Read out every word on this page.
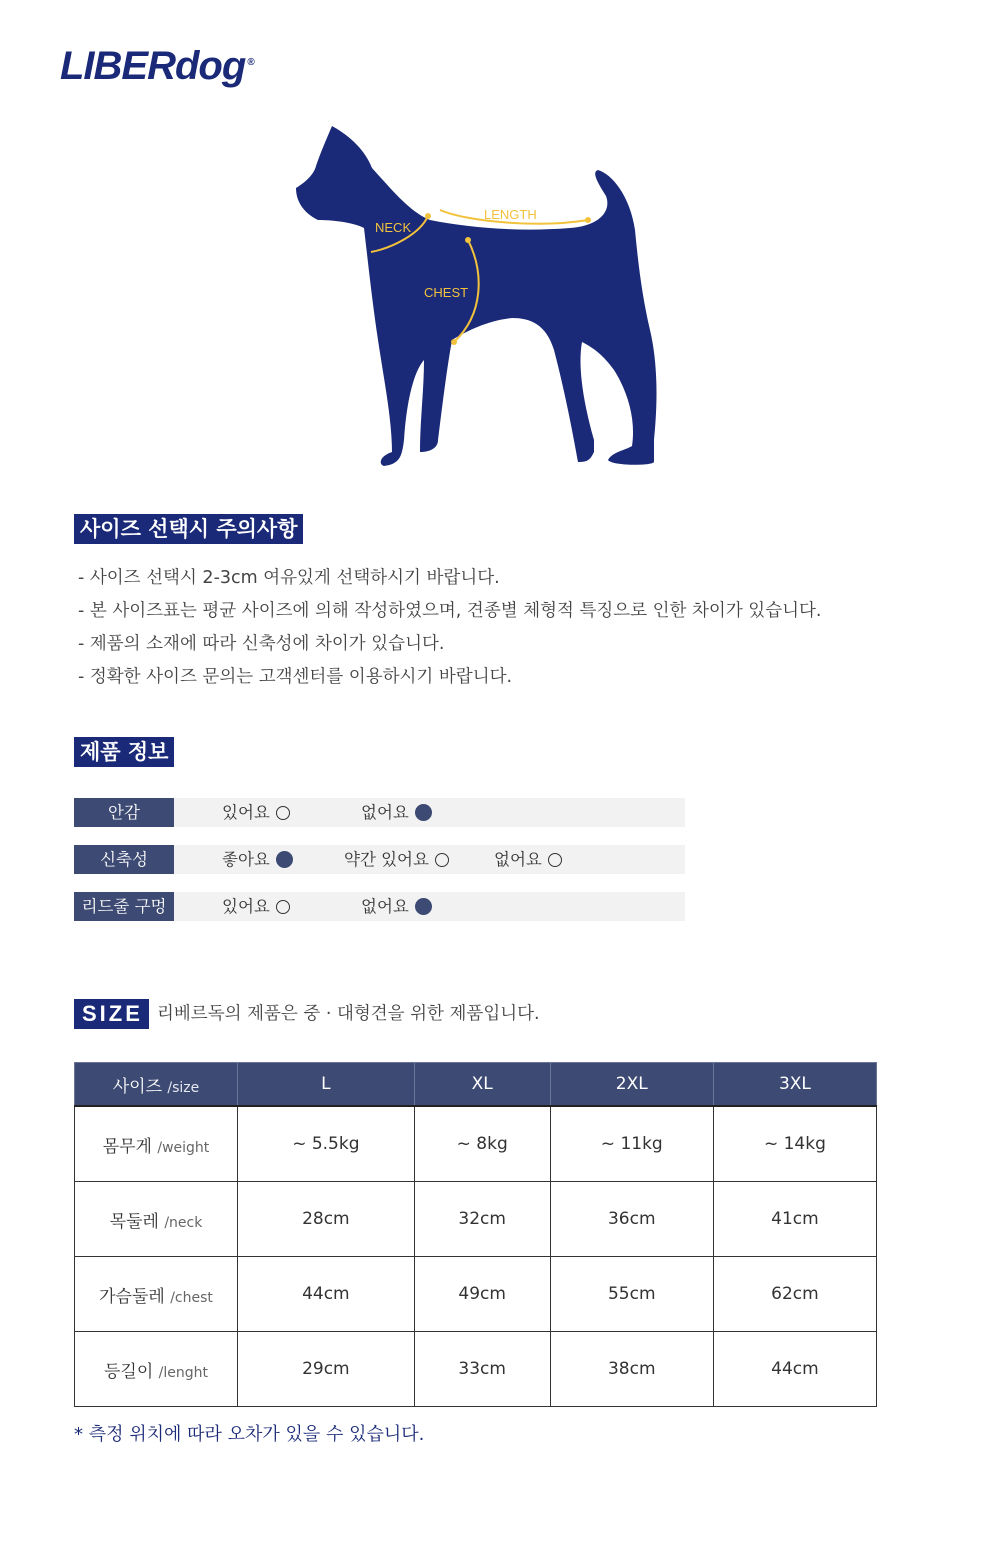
LIBERdog ®
NECK
LENGTH
CHEST
사이즈 선택시 주의사항
- 사이즈 선택시 2-3cm 여유있게 선택하시기 바랍니다.
- 본 사이즈표는 평균 사이즈에 의해 작성하였으며, 견종별 체형적 특징으로 인한 차이가 있습니다.
- 제품의 소재에 따라 신축성에 차이가 있습니다.
- 정확한 사이즈 문의는 고객센터를 이용하시기 바랍니다.
제품 정보
안감	있어요	없어요
신축성	좋아요	약간 있어요	없어요
리드줄 구멍	있어요	없어요
SIZE 리베르독의 제품은 중 · 대형견을 위한 제품입니다.
사이즈 /size	L	XL	2XL	3XL
몸무게 /weight	~ 5.5kg	~ 8kg	~ 11kg	~ 14kg
목둘레 /neck	28cm	32cm	36cm	41cm
가슴둘레 /chest	44cm	49cm	55cm	62cm
등길이 /lenght	29cm	33cm	38cm	44cm
* 측정 위치에 따라 오차가 있을 수 있습니다.
